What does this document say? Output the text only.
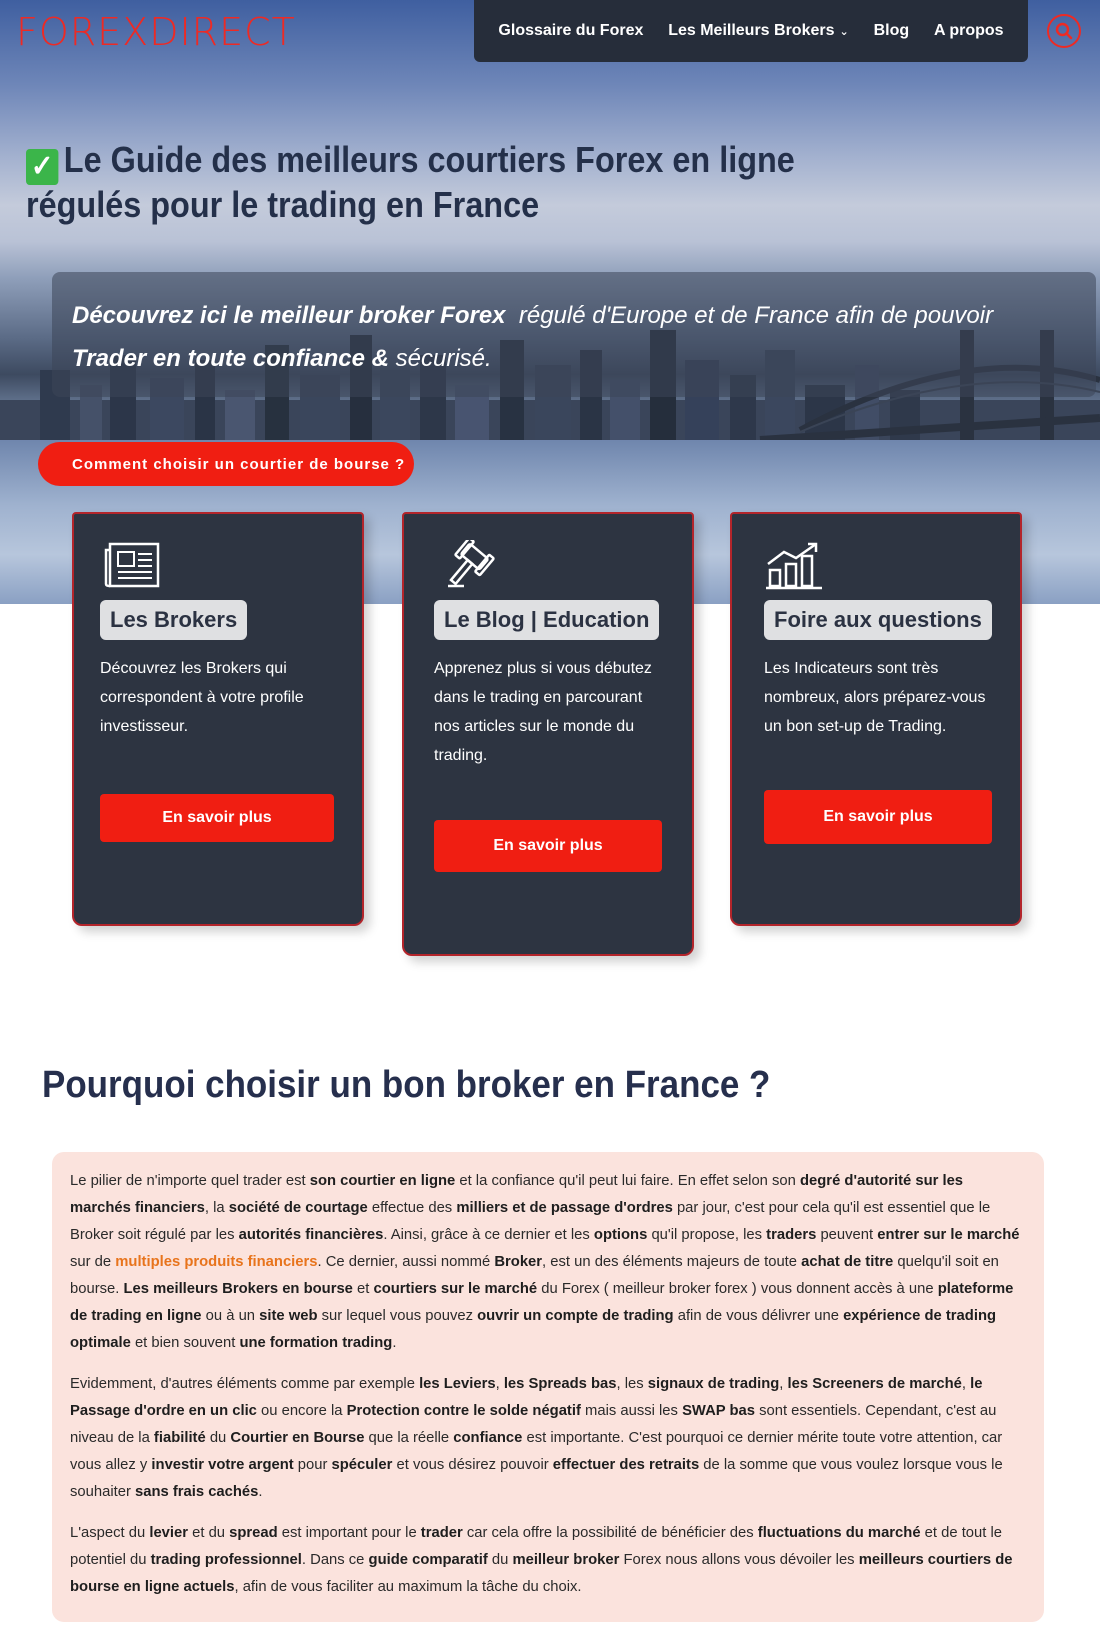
FOREXDIRECT	Glossaire du Forex Les Meilleurs Brokers ⌄ Blog A propos
✓ Le Guide des meilleurs courtiers Forex en ligne
régulés pour le trading en France
Découvrez ici le meilleur broker Forex régulé d'Europe et de France afin de pouvoir
Trader en toute confiance & sécurisé.
Comment choisir un courtier de bourse ?
Les Brokers
Découvrez les Brokers qui
correspondent à votre profile
investisseur.
En savoir plus
Le Blog | Education
Apprenez plus si vous débutez
dans le trading en parcourant
nos articles sur le monde du
trading.
En savoir plus
Foire aux questions
Les Indicateurs sont très
nombreux, alors préparez-vous
un bon set-up de Trading.
En savoir plus
Pourquoi choisir un bon broker en France ?

Le pilier de n'importe quel trader est son courtier en ligne et la confiance qu'il peut lui faire. En effet selon son degré d'autorité sur les marchés financiers, la société de courtage effectue des milliers et de passage d'ordres par jour, c'est pour cela qu'il est essentiel que le Broker soit régulé par les autorités financières. Ainsi, grâce à ce dernier et les options qu'il propose, les traders peuvent entrer sur le marché sur de multiples produits financiers. Ce dernier, aussi nommé Broker, est un des éléments majeurs de toute achat de titre quelqu'il soit en bourse. Les meilleurs Brokers en bourse et courtiers sur le marché du Forex ( meilleur broker forex ) vous donnent accès à une plateforme de trading en ligne ou à un site web sur lequel vous pouvez ouvrir un compte de trading afin de vous délivrer une expérience de trading optimale et bien souvent une formation trading.

Evidemment, d'autres éléments comme par exemple les Leviers, les Spreads bas, les signaux de trading, les Screeners de marché, le Passage d'ordre en un clic ou encore la Protection contre le solde négatif mais aussi les SWAP bas sont essentiels. Cependant, c'est au niveau de la fiabilité du Courtier en Bourse que la réelle confiance est importante. C'est pourquoi ce dernier mérite toute votre attention, car vous allez y investir votre argent pour spéculer et vous désirez pouvoir effectuer des retraits de la somme que vous voulez lorsque vous le souhaiter sans frais cachés.

L'aspect du levier et du spread est important pour le trader car cela offre la possibilité de bénéficier des fluctuations du marché et de tout le potentiel du trading professionnel. Dans ce guide comparatif du meilleur broker Forex nous allons vous dévoiler les meilleurs courtiers de bourse en ligne actuels, afin de vous faciliter au maximum la tâche du choix.
